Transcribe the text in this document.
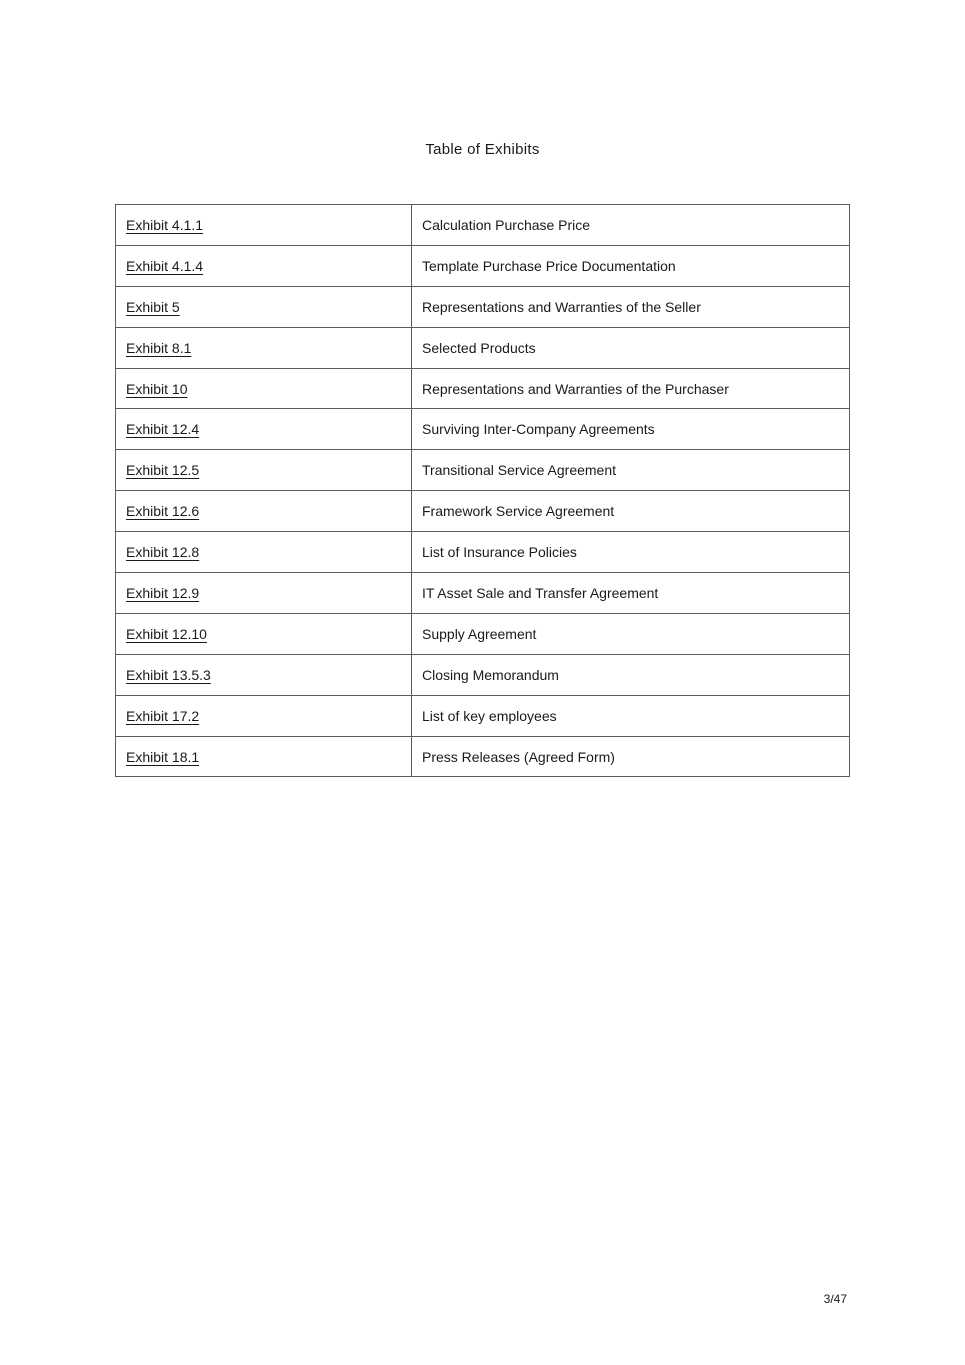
Table of Exhibits
Exhibit 4.1.1	Calculation Purchase Price
Exhibit 4.1.4	Template Purchase Price Documentation
Exhibit 5	Representations and Warranties of the Seller
Exhibit 8.1	Selected Products
Exhibit 10	Representations and Warranties of the Purchaser
Exhibit 12.4	Surviving Inter-Company Agreements
Exhibit 12.5	Transitional Service Agreement
Exhibit 12.6	Framework Service Agreement
Exhibit 12.8	List of Insurance Policies
Exhibit 12.9	IT Asset Sale and Transfer Agreement
Exhibit 12.10	Supply Agreement
Exhibit 13.5.3	Closing Memorandum
Exhibit 17.2	List of key employees
Exhibit 18.1	Press Releases (Agreed Form)
3/47
